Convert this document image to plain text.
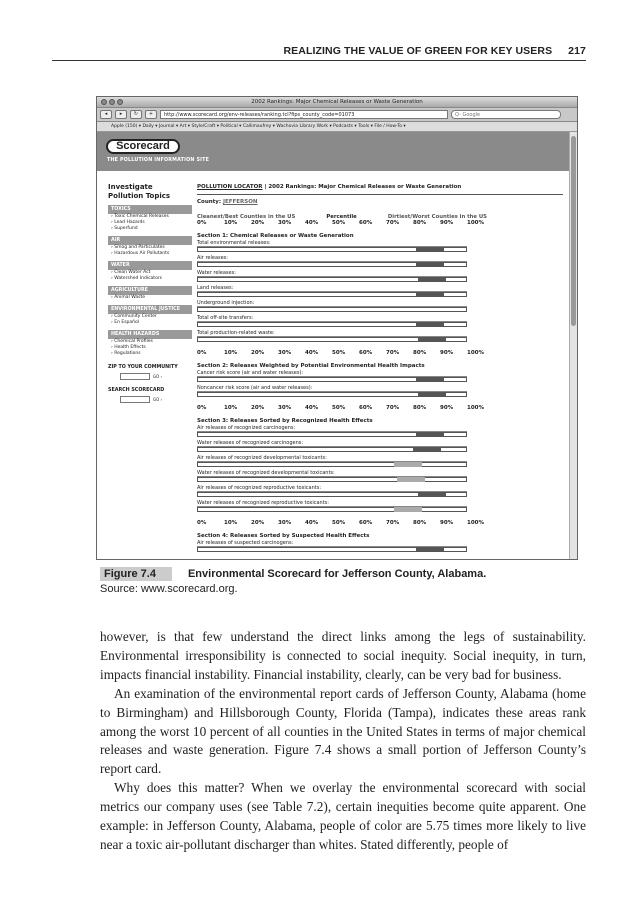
REALIZING THE VALUE OF GREEN FOR KEY USERS 217
2002 Rankings: Major Chemical Releases or Waste Generation
◂	▸	↻	+	http://www.scorecard.org/env-releases/ranking.tcl?fips_county_code=01073	Q- Google
Apple (150) ▾ Daily ▾ Journal ▾ Art ▾ Style/Craft ▾ Political ▾ Callimaufrey ▾ Wachovia Library Work ▾ Podcasts ▾ Tools ▾ File / How-To ▾
Scorecard
THE POLLUTION INFORMATION SITE
Investigate
Pollution Topics
TOXICS
› Toxic Chemical Releases
› Lead Hazards
› Superfund
AIR
› Smog and Particulates
› Hazardous Air Pollutants
WATER
› Clean Water Act
› Watershed Indicators
AGRICULTURE
› Animal Waste
ENVIRONMENTAL JUSTICE
› Community Center
› En Español
HEALTH HAZARDS
› Chemical Profiles
› Health Effects
› Regulations
ZIP TO YOUR COMMUNITY
GO ›
SEARCH SCORECARD
GO ›
POLLUTION LOCATOR | 2002 Rankings: Major Chemical Releases or Waste Generation
County: JEFFERSON
Cleanest/Best Counties in the US	Percentile	Dirtiest/Worst Counties in the US
0%	10%	20%	30%	40%	50%	60%	70%	80%	90%	100%
Section 1: Chemical Releases or Waste Generation
Total environmental releases:
Air releases:
Water releases:
Land releases:
Underground injection:
Total off-site transfers:
Total production-related waste:
0%	10%	20%	30%	40%	50%	60%	70%	80%	90%	100%
Section 2: Releases Weighted by Potential Environmental Health Impacts
Cancer risk score (air and water releases):
Noncancer risk score (air and water releases):
0%	10%	20%	30%	40%	50%	60%	70%	80%	90%	100%
Section 3: Releases Sorted by Recognized Health Effects
Air releases of recognized carcinogens:
Water releases of recognized carcinogens:
Air releases of recognized developmental toxicants:
Water releases of recognized developmental toxicants:
Air releases of recognized reproductive toxicants:
Water releases of recognized reproductive toxicants:
0%	10%	20%	30%	40%	50%	60%	70%	80%	90%	100%
Section 4: Releases Sorted by Suspected Health Effects
Air releases of suspected carcinogens:
Figure 7.4	Environmental Scorecard for Jefferson County, Alabama.
Source: www.scorecard.org.

however, is that few understand the direct links among the legs of sustainability. Environmental irresponsibility is connected to social inequity. Social inequity, in turn, impacts financial instability. Financial instability, clearly, can be very bad for business.

An examination of the environmental report cards of Jefferson County, Alabama (home to Birmingham) and Hillsborough County, Florida (Tampa), indicates these areas rank among the worst 10 percent of all counties in the United States in terms of major chemical releases and waste generation. Figure 7.4 shows a small portion of Jefferson County’s report card.

Why does this matter? When we overlay the environmental scorecard with social metrics our company uses (see Table 7.2), certain inequities become quite apparent. One example: in Jefferson County, Alabama, people of color are 5.75 times more likely to live near a toxic air-pollutant discharger than whites. Stated differently, people of
